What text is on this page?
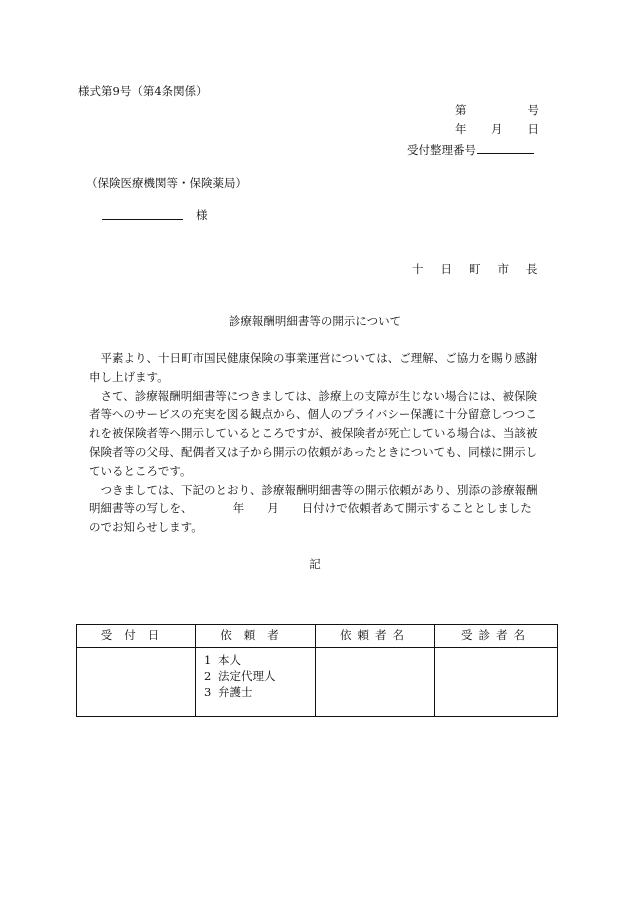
様式第9号（第4条関係）
第	号
年 月 日
受付整理番号
（保険医療機関等・保険薬局）
様
十日町市長
診療報酬明細書等の開示について

　平素より、十日町市国民健康保険の事業運営については、ご理解、ご協力を賜り感謝
申し上げます。

　さて、診療報酬明細書等につきましては、診療上の支障が生じない場合には、被保険
者等へのサービスの充実を図る観点から、個人のプライバシー保護に十分留意しつつこ
れを被保険者等へ開示しているところですが、被保険者が死亡している場合は、当該被
保険者等の父母、配偶者又は子から開示の依頼があったときについても、同様に開示し
ているところです。

　つきましては、下記のとおり、診療報酬明細書等の開示依頼があり、別添の診療報酬
明細書等の写しを、　　　　年　　月　　日付けで依頼者あて開示することとしました
のでお知らせします。

記
受付日	依頼者	依頼者名	受診者名

	1 本人
2 法定代理人
3 弁護士		
